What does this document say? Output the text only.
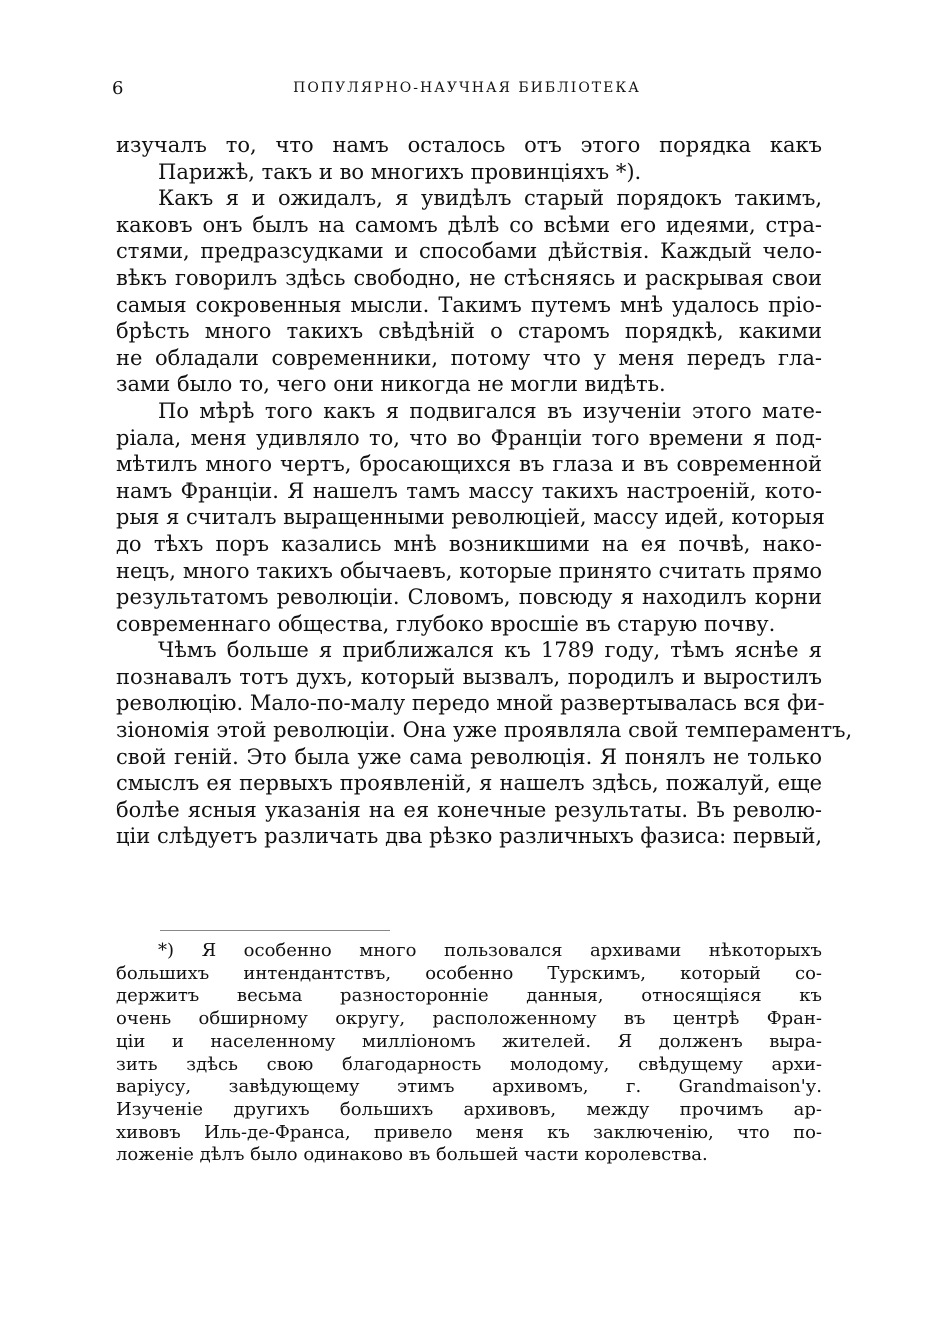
6	ПОПУЛЯРНО-НАУЧНАЯ БИБЛІОТЕКА
изучалъ то, что намъ осталось отъ этого порядка какъ
Парижѣ, такъ и во многихъ провинціяхъ *).
Какъ я и ожидалъ, я увидѣлъ старый порядокъ такимъ,
каковъ онъ былъ на самомъ дѣлѣ со всѣми его идеями, стра-
стями, предразсудками и способами дѣйствія. Каждый чело-
вѣкъ говорилъ здѣсь свободно, не стѣсняясь и раскрывая свои
самыя сокровенныя мысли. Такимъ путемъ мнѣ удалось пріо-
брѣсть много такихъ свѣдѣній о старомъ порядкѣ, какими
не обладали современники, потому что у меня передъ гла-
зами было то, чего они никогда не могли видѣть.
По мѣрѣ того какъ я подвигался въ изученіи этого мате-
ріала, меня удивляло то, что во Франціи того времени я под-
мѣтилъ много чертъ, бросающихся въ глаза и въ современной
намъ Франціи. Я нашелъ тамъ массу такихъ настроеній, кото-
рыя я считалъ выращенными революціей, массу идей, которыя
до тѣхъ поръ казались мнѣ возникшими на ея почвѣ, нако-
нецъ, много такихъ обычаевъ, которые принято считать прямо
результатомъ революціи. Словомъ, повсюду я находилъ корни
современнаго общества, глубоко вросшіе въ старую почву.
Чѣмъ больше я приближался къ 1789 году, тѣмъ яснѣе я
познавалъ тотъ духъ, который вызвалъ, породилъ и выростилъ
революцію. Мало-по-малу передо мной развертывалась вся фи-
зіономія этой революціи. Она уже проявляла свой темпераментъ,
свой геній. Это была уже сама революція. Я понялъ не только
смыслъ ея первыхъ проявленій, я нашелъ здѣсь, пожалуй, еще
болѣе ясныя указанія на ея конечные результаты. Въ револю-
ціи слѣдуетъ различать два рѣзко различныхъ фазиса: первый,
*) Я особенно много пользовался архивами нѣкоторыхъ
большихъ интендантствъ, особенно Турскимъ, который со-
держитъ весьма разносторонніе данныя, относящіяся къ
очень обширному округу, расположенному въ центрѣ Фран-
ціи и населенному милліономъ жителей. Я долженъ выра-
зить здѣсь свою благодарность молодому, свѣдущему архи-
варіусу, завѣдующему этимъ архивомъ, г. Grandmaison'у.
Изученіе другихъ большихъ архивовъ, между прочимъ ар-
хивовъ Иль-де-Франса, привело меня къ заключенію, что по-
ложеніе дѣлъ было одинаково въ большей части королевства.
